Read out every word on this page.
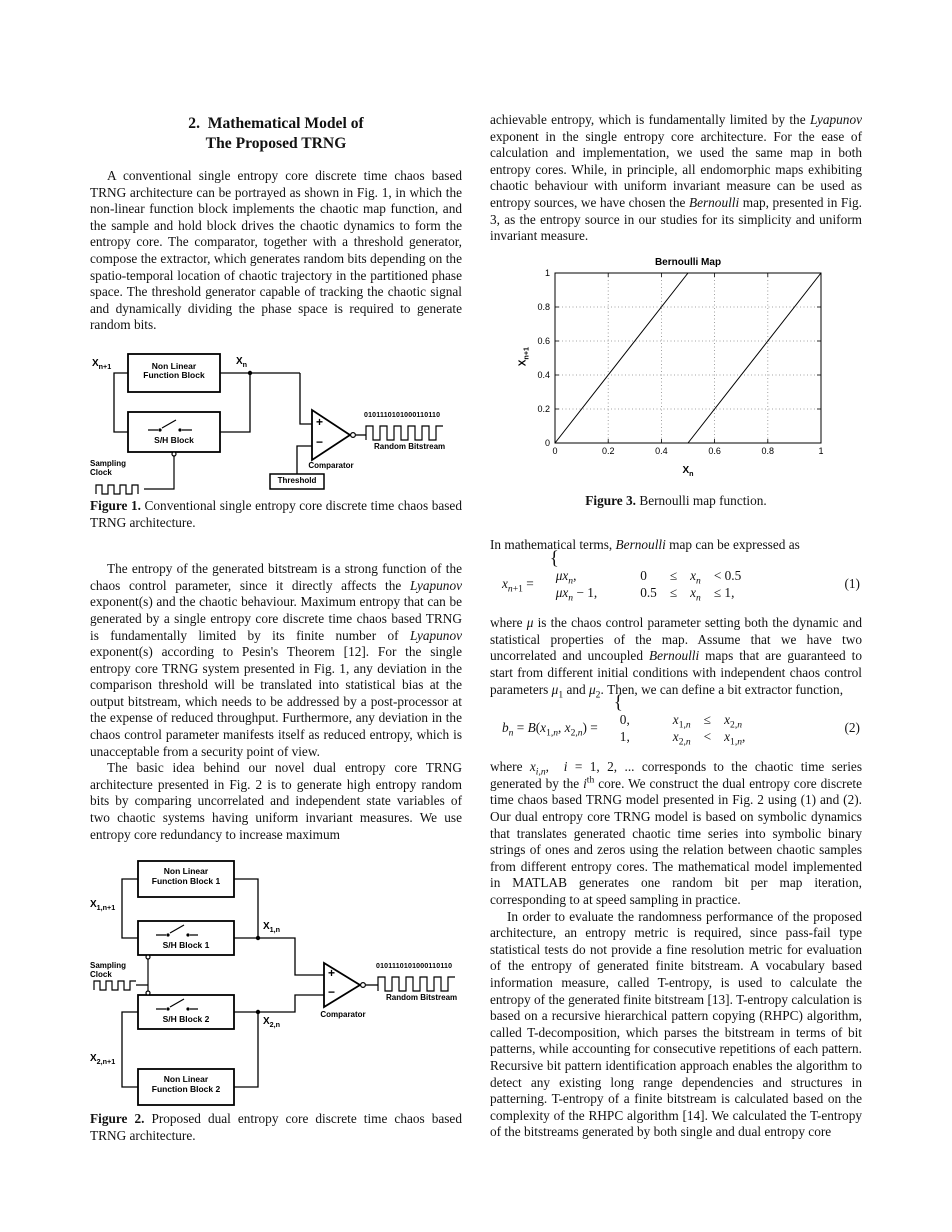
2.  Mathematical Model of
The Proposed TRNG

A conventional single entropy core discrete time chaos based TRNG architecture can be portrayed as shown in Fig. 1, in which the non-linear function block implements the chaotic map function, and the sample and hold block drives the chaotic dynamics to form the entropy core. The comparator, together with a threshold generator, compose the extractor, which generates random bits depending on the spatio-temporal location of chaotic trajectory in the partitioned phase space. The threshold generator capable of tracking the chaotic signal and dynamically dividing the phase space is required to generate random bits.

$X_{n+1}$	$X_n$
Non Linear
Function Block
S/H Block
+
−
Comparator
Threshold
Sampling
Clock
0101110101000110110
Random Bitstream

Figure 1. Conventional single entropy core discrete time chaos based TRNG architecture.

The entropy of the generated bitstream is a strong function of the chaos control parameter, since it directly affects the Lyapunov exponent(s) and the chaotic behaviour. Maximum entropy that can be generated by a single entropy core discrete time chaos based TRNG is fundamentally limited by its finite number of Lyapunov exponent(s) according to Pesin's Theorem [12]. For the single entropy core TRNG system presented in Fig. 1, any deviation in the comparison threshold will be translated into statistical bias at the output bitstream, which needs to be addressed by a post-processor at the expense of reduced throughput. Furthermore, any deviation in the chaos control parameter manifests itself as reduced entropy, which is unacceptable from a security point of view.

The basic idea behind our novel dual entropy core TRNG architecture presented in Fig. 2 is to generate high entropy random bits by comparing uncorrelated and independent state variables of two chaotic systems having uniform invariant measures. We use entropy core redundancy to increase maximum

$X_{1,n+1}$
$X_{1,n}$
$X_{2,n+1}$
$X_{2,n}$
Non Linear
Function Block 1
S/H Block 1
S/H Block 2
Non Linear
Function Block 2
+
−
Comparator
Sampling
Clock
0101110101000110110
Random Bitstream

Figure 2. Proposed dual entropy core discrete time chaos based TRNG architecture.

achievable entropy, which is fundamentally limited by the Lyapunov exponent in the single entropy core architecture. For the ease of calculation and implementation, we used the same map in both entropy cores. While, in principle, all endomorphic maps exhibiting chaotic behaviour with uniform invariant measure can be used as entropy sources, we have chosen the Bernoulli map, presented in Fig. 3, as the entropy source in our studies for its simplicity and uniform invariant measure.

Bernoulli Map
0	0.2	0.4	0.6	0.8	1
0
0.2
0.4
0.6
0.8
1
$X_n$
$X_{n+1}$

Figure 3. Bernoulli map function.

In mathematical terms, Bernoulli map can be expressed as

$x_{n+1}$ =
{
$\mu x_n$,	0	≤ $x_n < 0.5$
$\mu x_n - 1$,	$0.5 \le x_n \le 1$,
(1)

where μ is the chaos control parameter setting both the dynamic and statistical properties of the map. Assume that we have two uncorrelated and uncoupled Bernoulli maps that are guaranteed to start from different initial conditions with independent chaos control parameters $\mu_1$ and $\mu_2$. Then, we can define a bit extractor function,

$b_n = B(x_{1,n}$, $x_{2,n}$) =
{
0,	$x_{1,n} \le x_{2,n}$
1,	$x_{2,n} < x_{1,n}$,
(2)

where $x_{i,n}$,  i = 1, 2, ... corresponds to the chaotic time series generated by the $i^{th}$ core. We construct the dual entropy core discrete time chaos based TRNG model presented in Fig. 2 using (1) and (2). Our dual entropy core TRNG model is based on symbolic dynamics that translates generated chaotic time series into symbolic binary strings of ones and zeros using the relation between chaotic samples from different entropy cores. The mathematical model implemented in MATLAB generates one random bit per map iteration, corresponding to at speed sampling in practice.

In order to evaluate the randomness performance of the proposed architecture, an entropy metric is required, since pass-fail type statistical tests do not provide a fine resolution metric for evaluation of the entropy of generated finite bitstream. A vocabulary based information measure, called T-entropy, is used to calculate the entropy of the generated finite bitstream [13]. T-entropy calculation is based on a recursive hierarchical pattern copying (RHPC) algorithm, called T-decomposition, which parses the bitstream in terms of bit patterns, while accounting for consecutive repetitions of each pattern. Recursive bit pattern identification approach enables the algorithm to detect any existing long range dependencies and structures in patterning. T-entropy of a finite bitstream is calculated based on the complexity of the RHPC algorithm [14]. We calculated the T-entropy of the bitstreams generated by both single and dual entropy core
